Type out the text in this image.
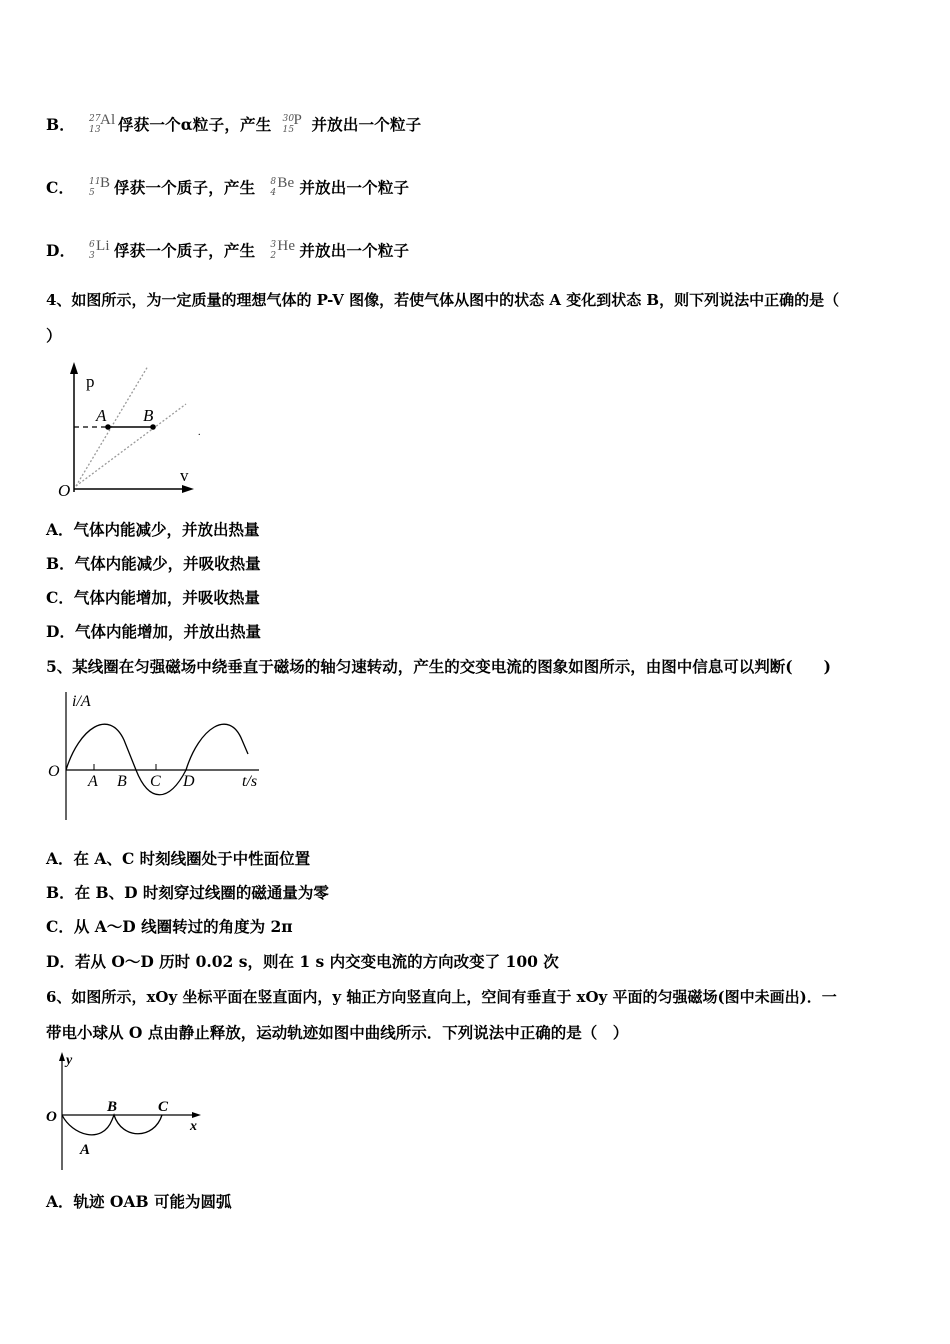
B． 27
13
Al 俘获一个α粒子，产生 30
15
P 并放出一个粒子
C． 11
5
B 俘获一个质子，产生 8
4
Be 并放出一个粒子
D． 6
3
Li 俘获一个质子，产生 3
2
He 并放出一个粒子
4、如图所示，为一定质量的理想气体的 P-V 图像，若使气体从图中的状态 A 变化到状态 B，则下列说法中正确的是（
）
p
v
O
A B
.
A．气体内能减少，并放出热量
B．气体内能减少，并吸收热量
C．气体内能增加，并吸收热量
D．气体内能增加，并放出热量
5、某线圈在匀强磁场中绕垂直于磁场的轴匀速转动，产生的交变电流的图象如图所示，由图中信息可以判断(　　)
i/A
O
A B C D	t/s
A．在 A、C 时刻线圈处于中性面位置
B．在 B、D 时刻穿过线圈的磁通量为零
C．从 A～D 线圈转过的角度为 2π
D．若从 O～D 历时 0.02 s，则在 1 s 内交变电流的方向改变了 100 次
6、如图所示，xOy 坐标平面在竖直面内，y 轴正方向竖直向上，空间有垂直于 xOy 平面的匀强磁场(图中未画出)．一
带电小球从 O 点由静止释放，运动轨迹如图中曲线所示．下列说法中正确的是（　）
y
O
B	C
A
x
A．轨迹 OAB 可能为圆弧
